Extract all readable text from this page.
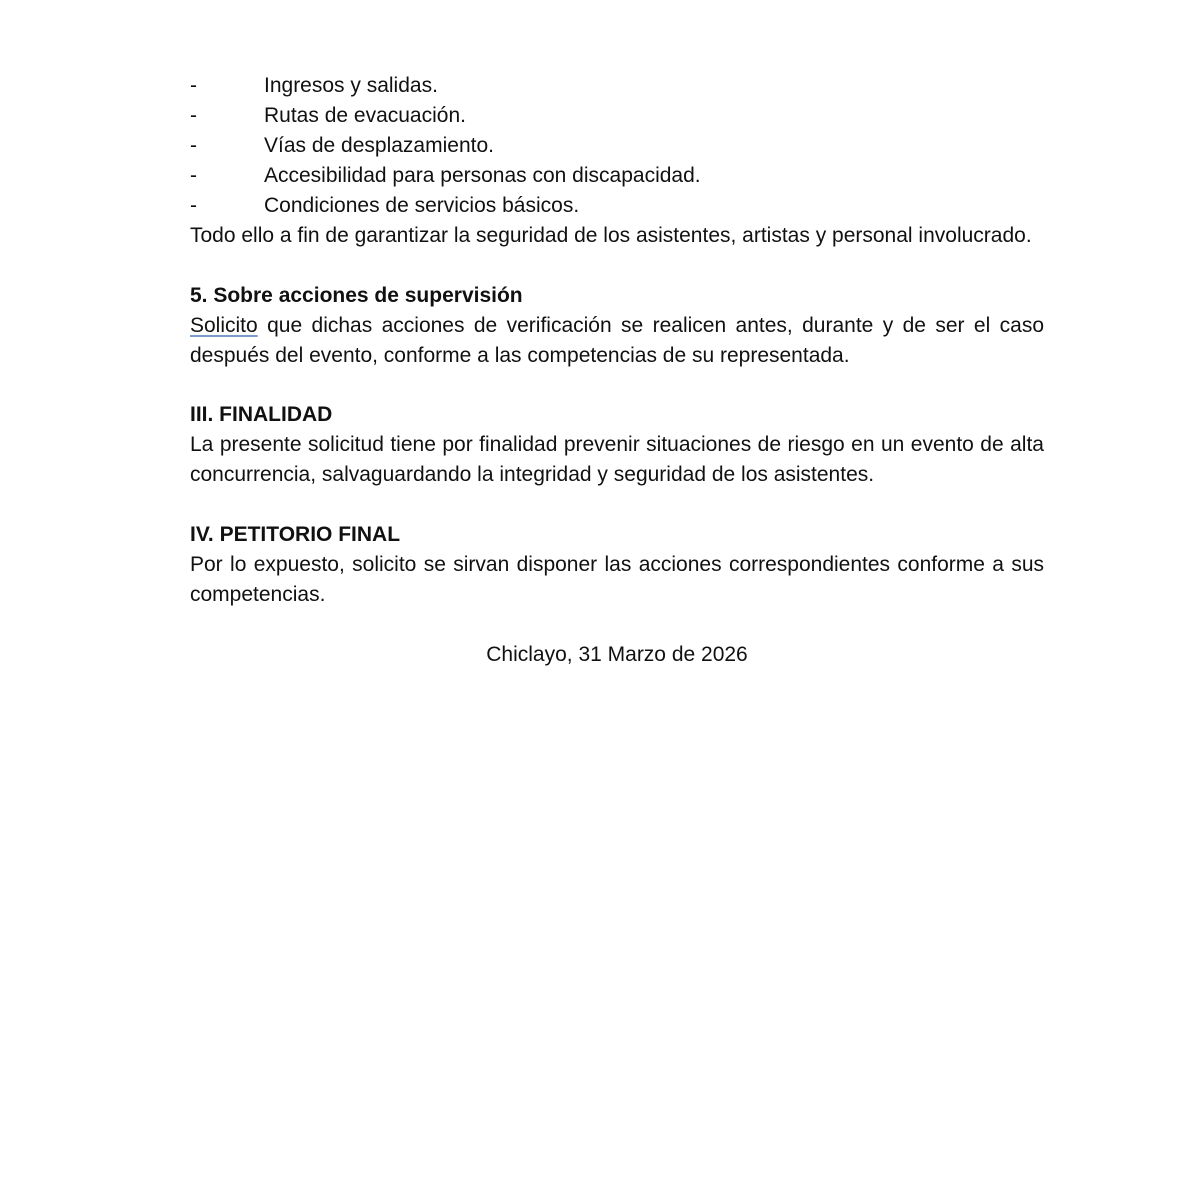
-	Ingresos y salidas.
-	Rutas de evacuación.
-	Vías de desplazamiento.
-	Accesibilidad para personas con discapacidad.
-	Condiciones de servicios básicos.

Todo ello a fin de garantizar la seguridad de los asistentes, artistas y personal involucrado.

5. Sobre acciones de supervisión

Solicito que dichas acciones de verificación se realicen antes, durante y de ser el caso después del evento, conforme a las competencias de su representada.

III. FINALIDAD

La presente solicitud tiene por finalidad prevenir situaciones de riesgo en un evento de alta concurrencia, salvaguardando la integridad y seguridad de los asistentes.

IV. PETITORIO FINAL

Por lo expuesto, solicito se sirvan disponer las acciones correspondientes conforme a sus competencias.

Chiclayo, 31 Marzo de 2026
